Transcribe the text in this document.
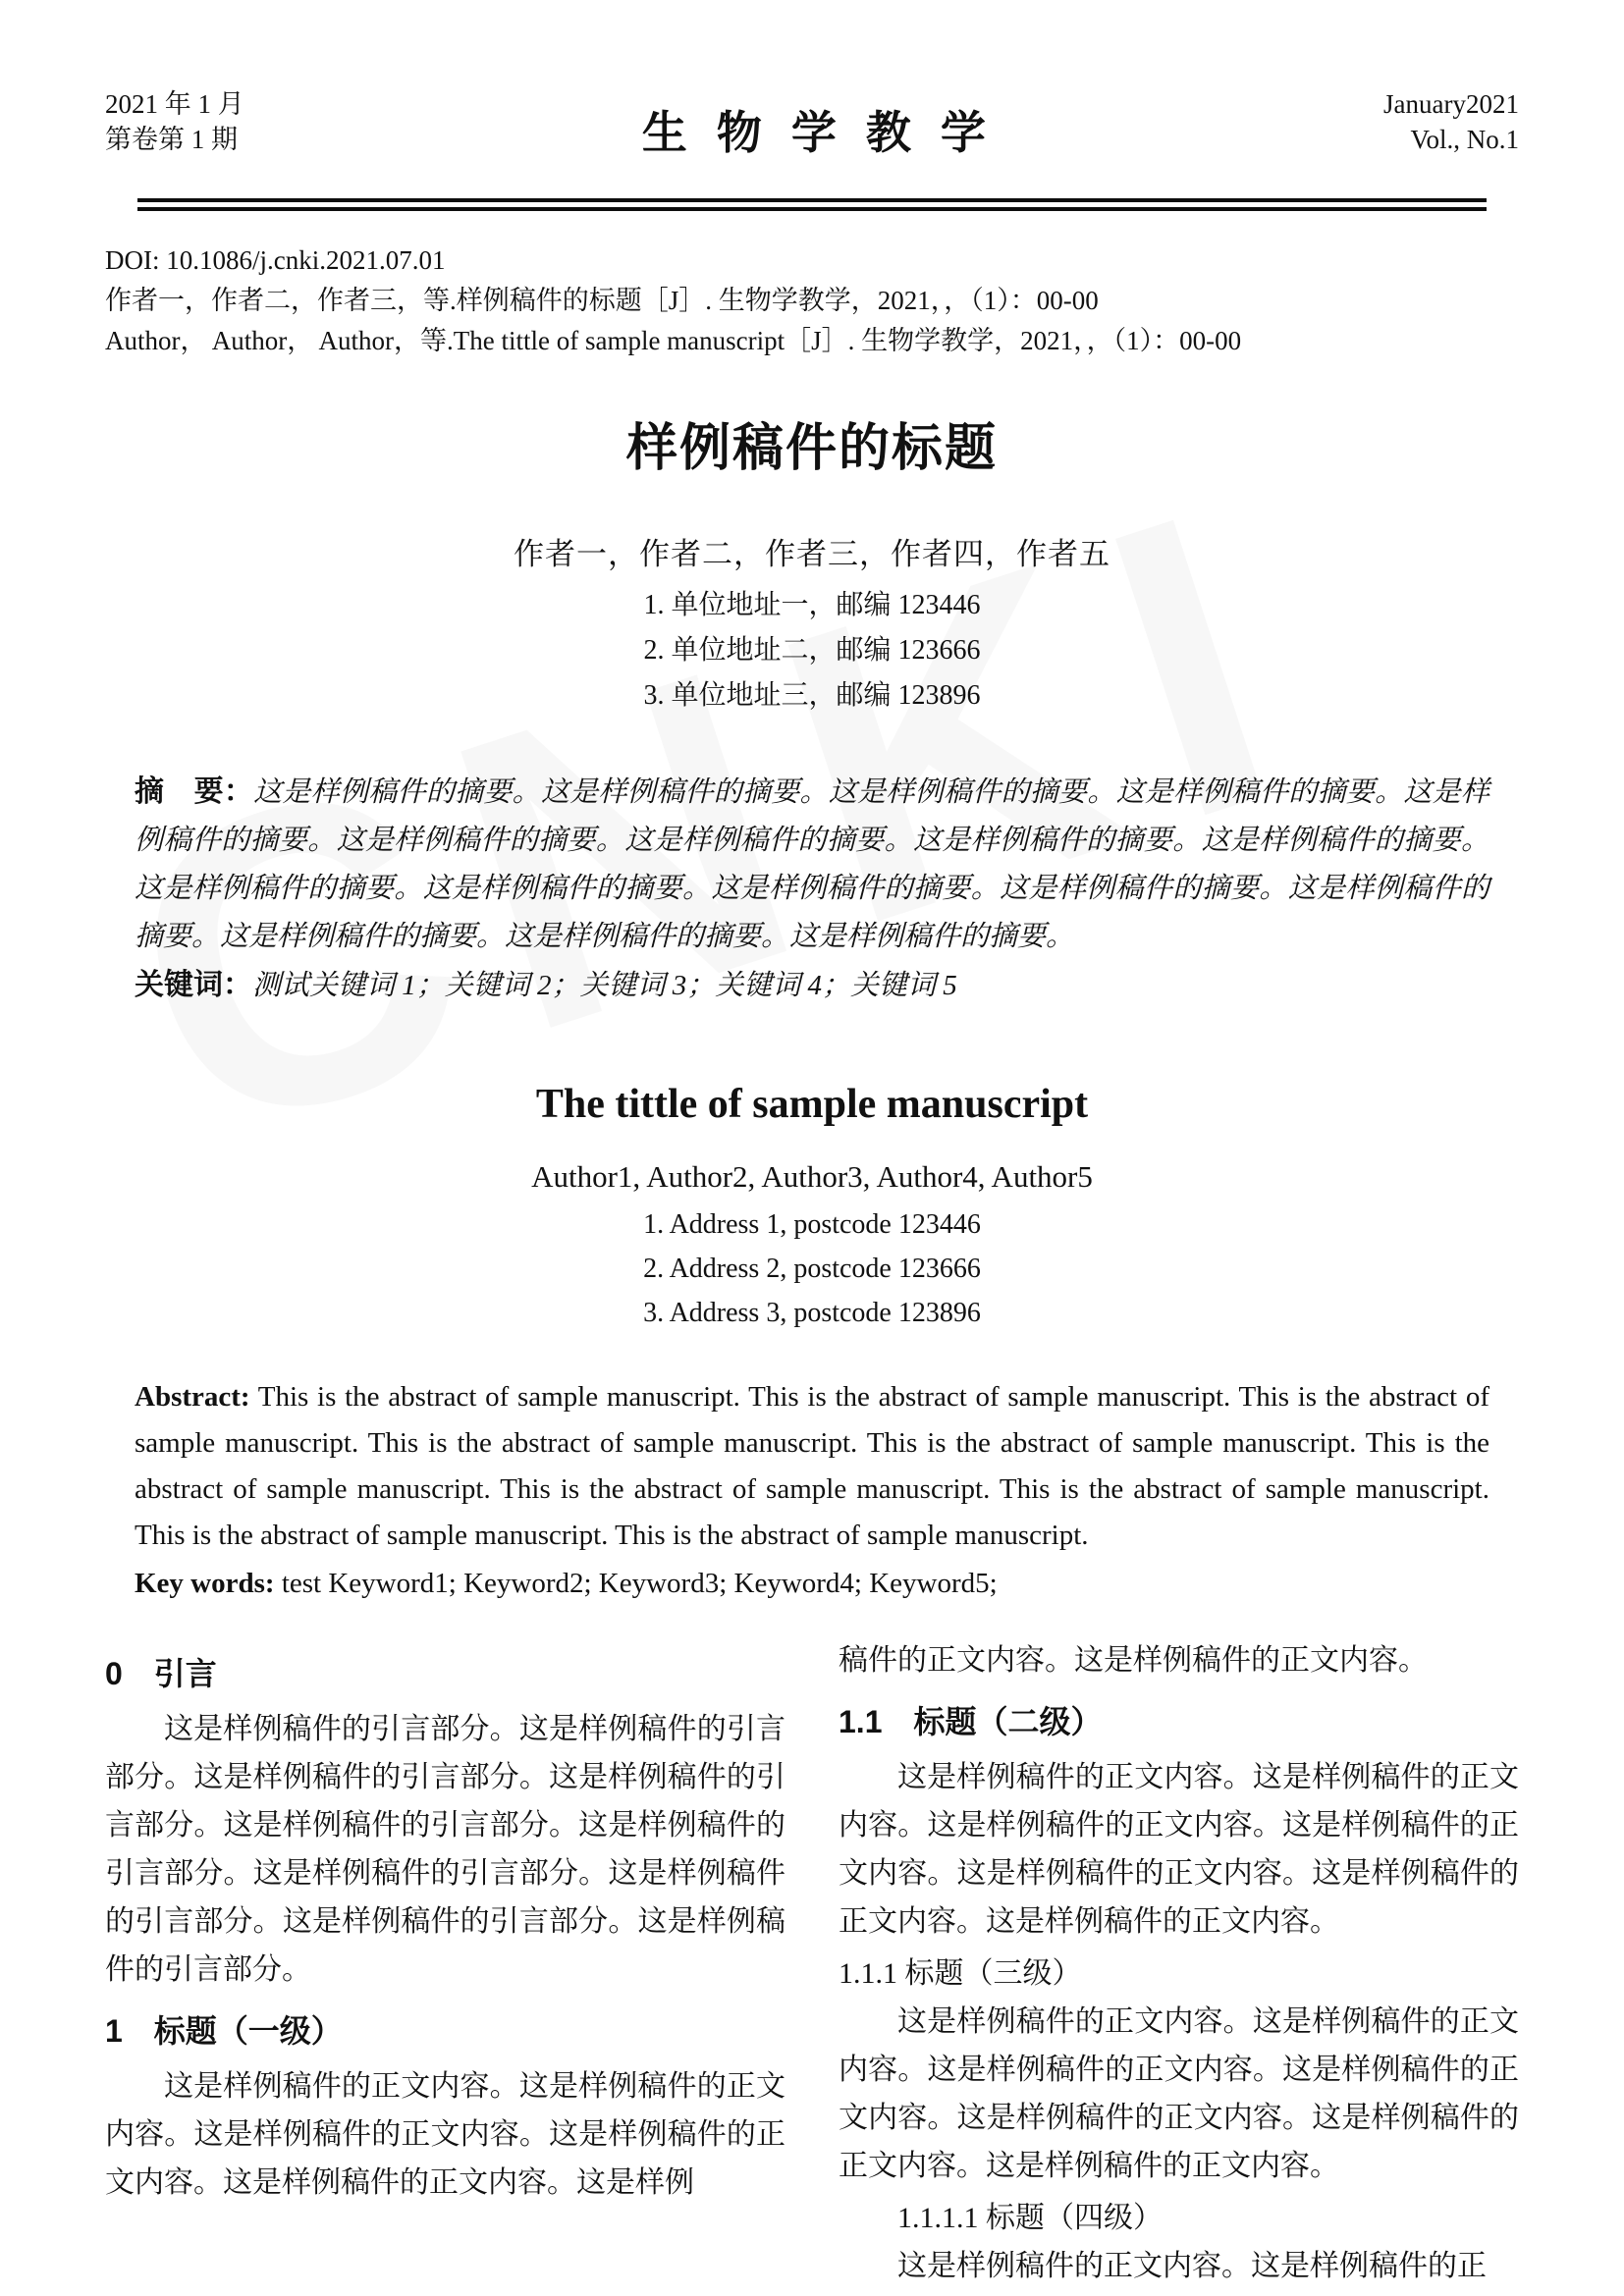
2021 年 1 月
第卷第 1 期	生物学教学
January2021
Vol., No.1
DOI: 10.1086/j.cnki.2021.07.01
作者一，作者二，作者三，等.样例稿件的标题［J］. 生物学教学，2021，，（1）：00-00
Author， Author， Author，等.The tittle of sample manuscript［J］. 生物学教学，2021，，（1）：00-00
样例稿件的标题
作者一，作者二，作者三，作者四，作者五
1. 单位地址一，邮编 123446
2. 单位地址二，邮编 123666
3. 单位地址三，邮编 123896
摘　要：这是样例稿件的摘要。这是样例稿件的摘要。这是样例稿件的摘要。这是样例稿件的摘要。这是样例稿件的摘要。这是样例稿件的摘要。这是样例稿件的摘要。这是样例稿件的摘要。这是样例稿件的摘要。这是样例稿件的摘要。这是样例稿件的摘要。这是样例稿件的摘要。这是样例稿件的摘要。这是样例稿件的摘要。这是样例稿件的摘要。这是样例稿件的摘要。这是样例稿件的摘要。
关键词：测试关键词 1；关键词 2；关键词 3；关键词 4；关键词 5
The tittle of sample manuscript
Author1, Author2, Author3, Author4, Author5
1. Address 1, postcode 123446
2. Address 2, postcode 123666
3. Address 3, postcode 123896
Abstract: This is the abstract of sample manuscript. This is the abstract of sample manuscript. This is the abstract of sample manuscript. This is the abstract of sample manuscript. This is the abstract of sample manuscript. This is the abstract of sample manuscript. This is the abstract of sample manuscript. This is the abstract of sample manuscript. This is the abstract of sample manuscript. This is the abstract of sample manuscript.
Key words: test Keyword1; Keyword2; Keyword3; Keyword4; Keyword5;
0　引言

这是样例稿件的引言部分。这是样例稿件的引言部分。这是样例稿件的引言部分。这是样例稿件的引言部分。这是样例稿件的引言部分。这是样例稿件的引言部分。这是样例稿件的引言部分。这是样例稿件的引言部分。这是样例稿件的引言部分。这是样例稿件的引言部分。

1　标题（一级）

这是样例稿件的正文内容。这是样例稿件的正文内容。这是样例稿件的正文内容。这是样例稿件的正文内容。这是样例稿件的正文内容。这是样例

稿件的正文内容。这是样例稿件的正文内容。

1.1　标题（二级）

这是样例稿件的正文内容。这是样例稿件的正文内容。这是样例稿件的正文内容。这是样例稿件的正文内容。这是样例稿件的正文内容。这是样例稿件的正文内容。这是样例稿件的正文内容。

1.1.1 标题（三级）

这是样例稿件的正文内容。这是样例稿件的正文内容。这是样例稿件的正文内容。这是样例稿件的正文内容。这是样例稿件的正文内容。这是样例稿件的正文内容。这是样例稿件的正文内容。

1.1.1.1 标题（四级）

这是样例稿件的正文内容。这是样例稿件的正
